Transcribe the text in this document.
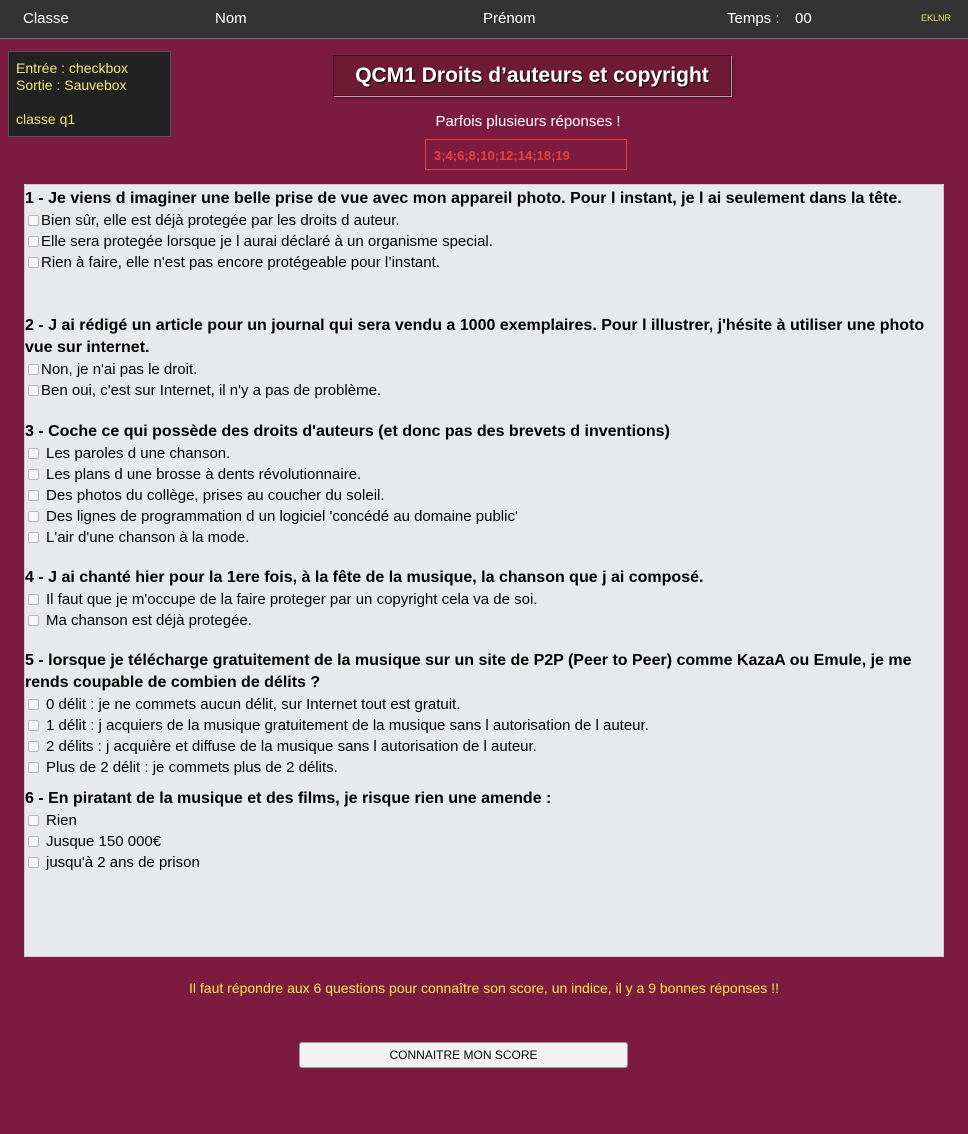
Classe	Nom	Prénom	Temps : 00	EKLNR
Entrée : checkbox
Sortie : Sauvebox
classe q1
QCM1 Droits d’auteurs et copyright
Parfois plusieurs réponses !
3;4;6;8;10;12;14;18;19
1 - Je viens d imaginer une belle prise de vue avec mon appareil photo. Pour l instant, je l ai seulement dans la tête.
Bien sûr, elle est déjà protegée par les droits d auteur.
Elle sera protegée lorsque je l aurai déclaré à un organisme special.
Rien à faire, elle n'est pas encore protégeable pour l’instant.
2 - J ai rédigé un article pour un journal qui sera vendu a 1000 exemplaires. Pour l illustrer, j'hésite à utiliser une photo vue sur internet.
Non, je n'ai pas le droit.
Ben oui, c'est sur Internet, il n'y a pas de problème.
3 - Coche ce qui possède des droits d'auteurs (et donc pas des brevets d inventions)
Les paroles d une chanson.
Les plans d une brosse à dents révolutionnaire.
Des photos du collège, prises au coucher du soleil.
Des lignes de programmation d un logiciel 'concédé au domaine public'
L'air d'une chanson à la mode.
4 - J ai chanté hier pour la 1ere fois, à la fête de la musique, la chanson que j ai composé.
Il faut que je m'occupe de la faire proteger par un copyright cela va de soi.
Ma chanson est déjà protegée.
5 - lorsque je télécharge gratuitement de la musique sur un site de P2P (Peer to Peer) comme KazaA ou Emule, je me rends coupable de combien de délits ?
0 délit : je ne commets aucun délit, sur Internet tout est gratuit.
1 délit : j acquiers de la musique gratuitement de la musique sans l autorisation de l auteur.
2 délits : j acquière et diffuse de la musique sans l autorisation de l auteur.
Plus de 2 délit : je commets plus de 2 délits.
6 - En piratant de la musique et des films, je risque rien une amende :
Rien
Jusque 150 000€
jusqu'à 2 ans de prison
Il faut répondre aux 6 questions pour connaître son score, un indice, il y a 9 bonnes réponses !!
CONNAITRE MON SCORE
